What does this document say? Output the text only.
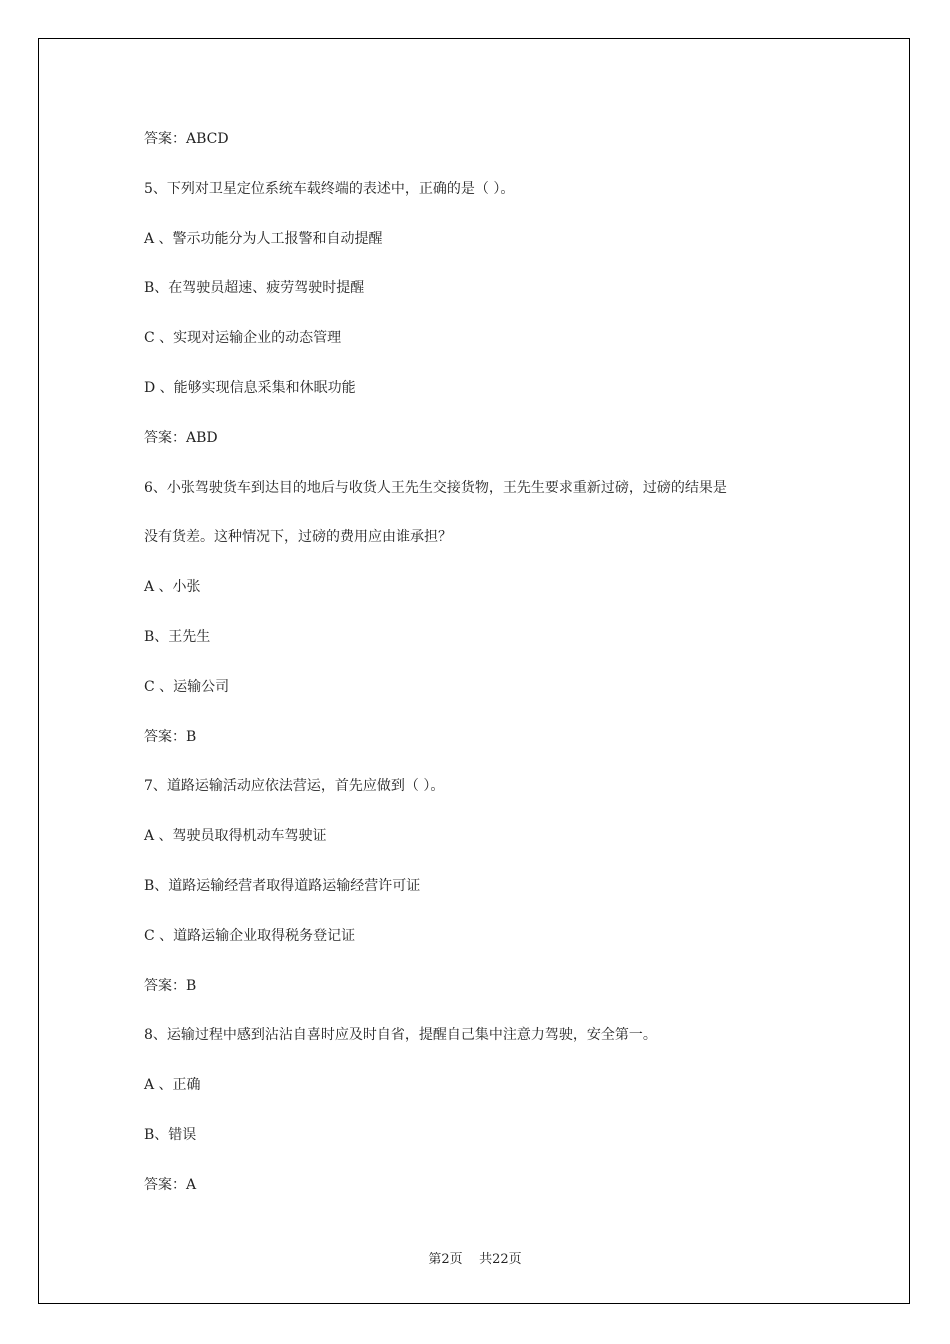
答案：ABCD
5、下列对卫星定位系统车载终端的表述中，正确的是（ ）。
A 、警示功能分为人工报警和自动提醒
B、在驾驶员超速、疲劳驾驶时提醒
C 、实现对运输企业的动态管理
D 、能够实现信息采集和休眠功能
答案：ABD
6、小张驾驶货车到达目的地后与收货人王先生交接货物，王先生要求重新过磅，过磅的结果是
没有货差。这种情况下，过磅的费用应由谁承担？
A 、小张
B、王先生
C 、运输公司
答案：B
7、道路运输活动应依法营运，首先应做到（ ）。
A 、驾驶员取得机动车驾驶证
B、道路运输经营者取得道路运输经营许可证
C 、道路运输企业取得税务登记证
答案：B
8、运输过程中感到沾沾自喜时应及时自省，提醒自己集中注意力驾驶，安全第一。
A 、正确
B、错误
答案：A
第2页    共22页
